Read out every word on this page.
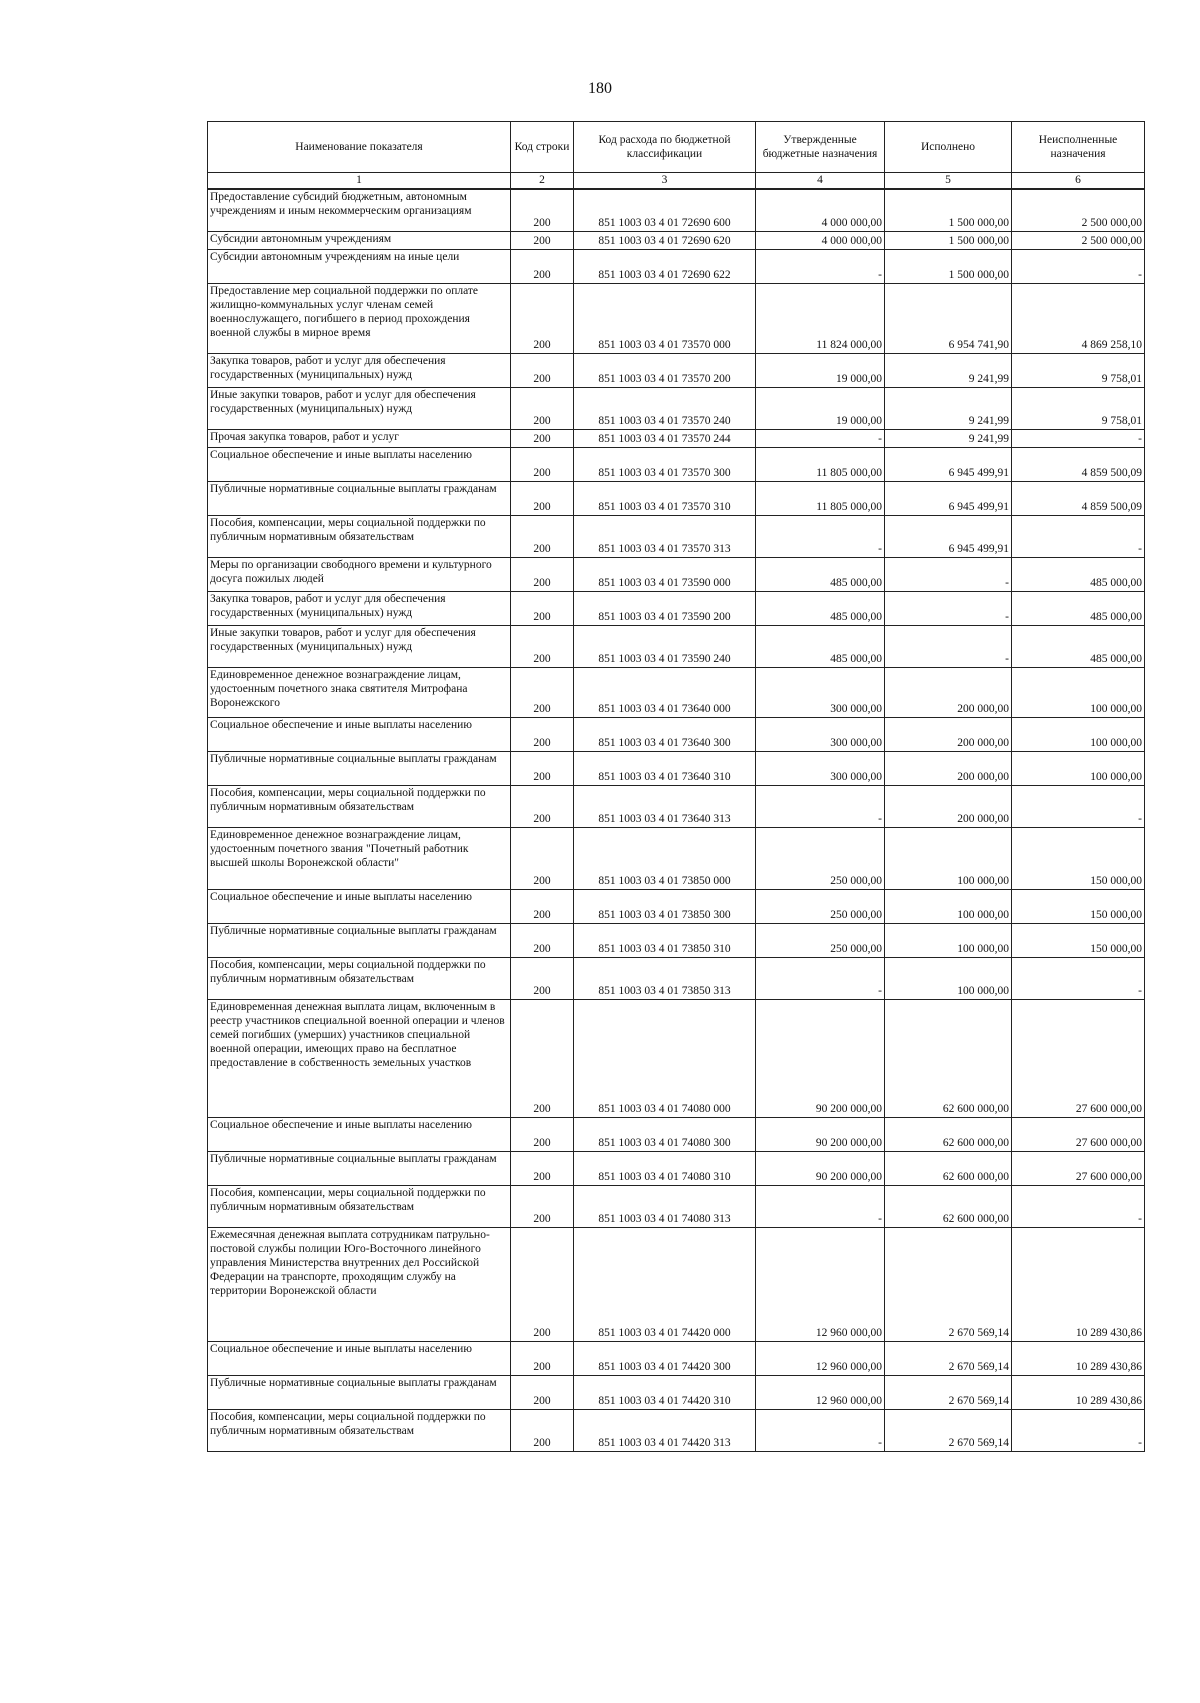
180
Наименование показателя	Код строки	Код расхода по бюджетной классификации	Утвержденные бюджетные назначения	Исполнено	Неисполненные назначения
1	2	3	4	5	6
Предоставление субсидий бюджетным, автономным учреждениям и иным некоммерческим организациям	200	851 1003 03 4 01 72690 600	4 000 000,00	1 500 000,00	2 500 000,00
Субсидии автономным учреждениям	200	851 1003 03 4 01 72690 620	4 000 000,00	1 500 000,00	2 500 000,00
Субсидии автономным учреждениям на иные цели	200	851 1003 03 4 01 72690 622	-	1 500 000,00	-
Предоставление мер социальной поддержки по оплате жилищно-коммунальных услуг членам семей военнослужащего, погибшего в период прохождения военной службы в мирное время	200	851 1003 03 4 01 73570 000	11 824 000,00	6 954 741,90	4 869 258,10
Закупка товаров, работ и услуг для обеспечения государственных (муниципальных) нужд	200	851 1003 03 4 01 73570 200	19 000,00	9 241,99	9 758,01
Иные закупки товаров, работ и услуг для обеспечения государственных (муниципальных) нужд	200	851 1003 03 4 01 73570 240	19 000,00	9 241,99	9 758,01
Прочая закупка товаров, работ и услуг	200	851 1003 03 4 01 73570 244	-	9 241,99	-
Социальное обеспечение и иные выплаты населению	200	851 1003 03 4 01 73570 300	11 805 000,00	6 945 499,91	4 859 500,09
Публичные нормативные социальные выплаты гражданам	200	851 1003 03 4 01 73570 310	11 805 000,00	6 945 499,91	4 859 500,09
Пособия, компенсации, меры социальной поддержки по публичным нормативным обязательствам	200	851 1003 03 4 01 73570 313	-	6 945 499,91	-
Меры по организации свободного времени и культурного досуга пожилых людей	200	851 1003 03 4 01 73590 000	485 000,00	-	485 000,00
Закупка товаров, работ и услуг для обеспечения государственных (муниципальных) нужд	200	851 1003 03 4 01 73590 200	485 000,00	-	485 000,00
Иные закупки товаров, работ и услуг для обеспечения государственных (муниципальных) нужд	200	851 1003 03 4 01 73590 240	485 000,00	-	485 000,00
Единовременное денежное вознаграждение лицам, удостоенным почетного знака святителя Митрофана Воронежского	200	851 1003 03 4 01 73640 000	300 000,00	200 000,00	100 000,00
Социальное обеспечение и иные выплаты населению	200	851 1003 03 4 01 73640 300	300 000,00	200 000,00	100 000,00
Публичные нормативные социальные выплаты гражданам	200	851 1003 03 4 01 73640 310	300 000,00	200 000,00	100 000,00
Пособия, компенсации, меры социальной поддержки по публичным нормативным обязательствам	200	851 1003 03 4 01 73640 313	-	200 000,00	-
Единовременное денежное вознаграждение лицам, удостоенным почетного звания "Почетный работник высшей школы Воронежской области"	200	851 1003 03 4 01 73850 000	250 000,00	100 000,00	150 000,00
Социальное обеспечение и иные выплаты населению	200	851 1003 03 4 01 73850 300	250 000,00	100 000,00	150 000,00
Публичные нормативные социальные выплаты гражданам	200	851 1003 03 4 01 73850 310	250 000,00	100 000,00	150 000,00
Пособия, компенсации, меры социальной поддержки по публичным нормативным обязательствам	200	851 1003 03 4 01 73850 313	-	100 000,00	-
Единовременная денежная выплата лицам, включенным в реестр участников специальной военной операции и членов семей погибших (умерших) участников специальной военной операции, имеющих право на бесплатное предоставление в собственность земельных участков	200	851 1003 03 4 01 74080 000	90 200 000,00	62 600 000,00	27 600 000,00
Социальное обеспечение и иные выплаты населению	200	851 1003 03 4 01 74080 300	90 200 000,00	62 600 000,00	27 600 000,00
Публичные нормативные социальные выплаты гражданам	200	851 1003 03 4 01 74080 310	90 200 000,00	62 600 000,00	27 600 000,00
Пособия, компенсации, меры социальной поддержки по публичным нормативным обязательствам	200	851 1003 03 4 01 74080 313	-	62 600 000,00	-
Ежемесячная денежная выплата сотрудникам патрульно-постовой службы полиции Юго-Восточного линейного управления Министерства внутренних дел Российской Федерации на транспорте, проходящим службу на территории Воронежской области	200	851 1003 03 4 01 74420 000	12 960 000,00	2 670 569,14	10 289 430,86
Социальное обеспечение и иные выплаты населению	200	851 1003 03 4 01 74420 300	12 960 000,00	2 670 569,14	10 289 430,86
Публичные нормативные социальные выплаты гражданам	200	851 1003 03 4 01 74420 310	12 960 000,00	2 670 569,14	10 289 430,86
Пособия, компенсации, меры социальной поддержки по публичным нормативным обязательствам	200	851 1003 03 4 01 74420 313	-	2 670 569,14	-
